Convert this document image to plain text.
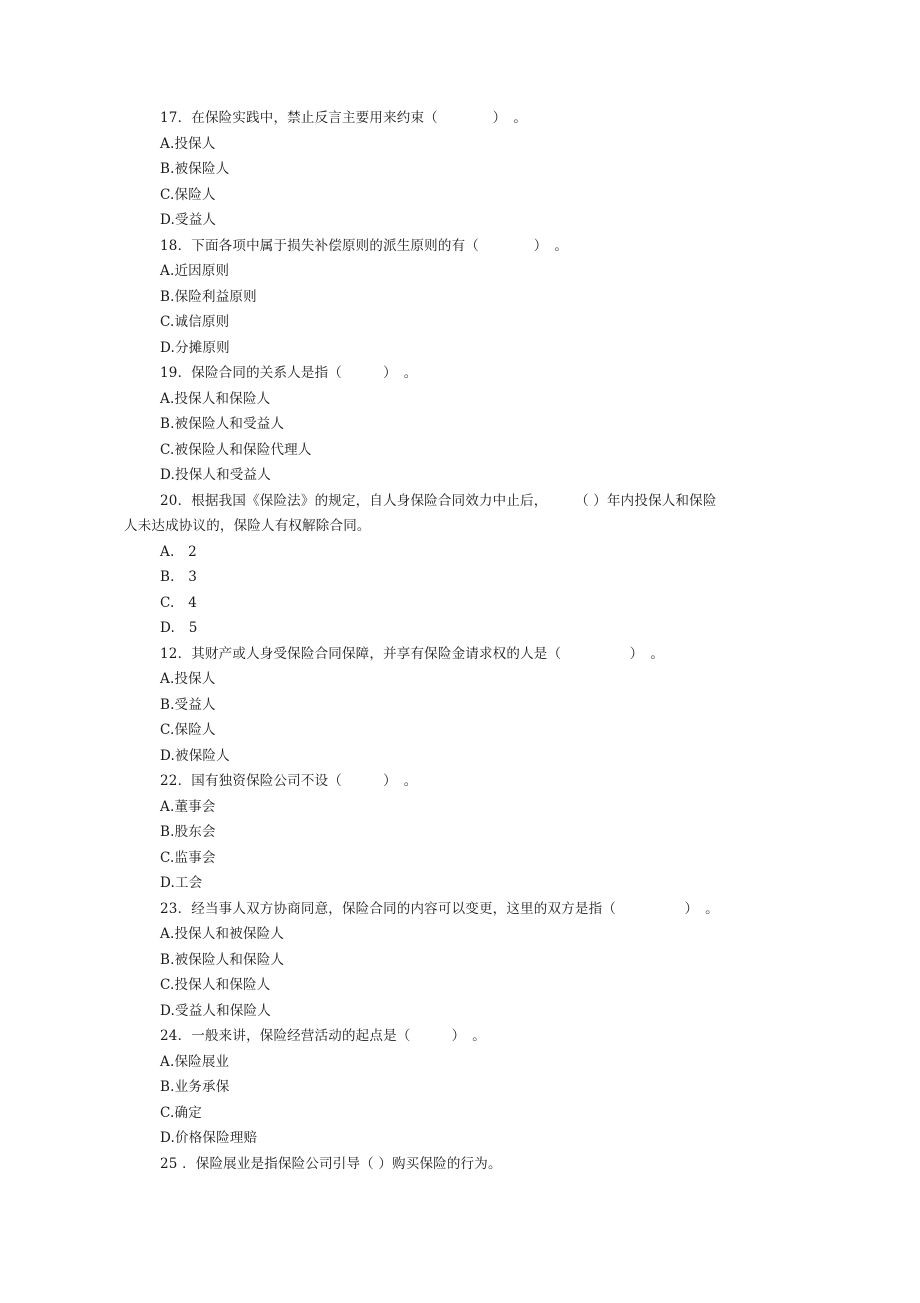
17．在保险实践中，禁止反言主要用来约束（　　　　）　。
A.投保人
B.被保险人
C.保险人
D.受益人
18．下面各项中属于损失补偿原则的派生原则的有（　　　　）　。
A.近因原则
B.保险利益原则
C.诚信原则
D.分摊原则
19．保险合同的关系人是指（　　　）　。
A.投保人和保险人
B.被保险人和受益人
C.被保险人和保险代理人
D.投保人和受益人
20．根据我国《保险法》的规定，自人身保险合同效力中止后，　　　（ ）年内投保人和保险
人未达成协议的，保险人有权解除合同。
A.　2
B.　3
C.　4
D.　5
12．其财产或人身受保险合同保障，并享有保险金请求权的人是（　　　　　）　。
A.投保人
B.受益人
C.保险人
D.被保险人
22．国有独资保险公司不设（　　　）　。
A.董事会
B.股东会
C.监事会
D.工会
23．经当事人双方协商同意，保险合同的内容可以变更，这里的双方是指（　　　　　）　。
A.投保人和被保险人
B.被保险人和保险人
C.投保人和保险人
D.受益人和保险人
24．一般来讲，保险经营活动的起点是（　　　）　。
A.保险展业
B.业务承保
C.确定
D.价格保险理赔
25 ．保险展业是指保险公司引导（ ）购买保险的行为。
